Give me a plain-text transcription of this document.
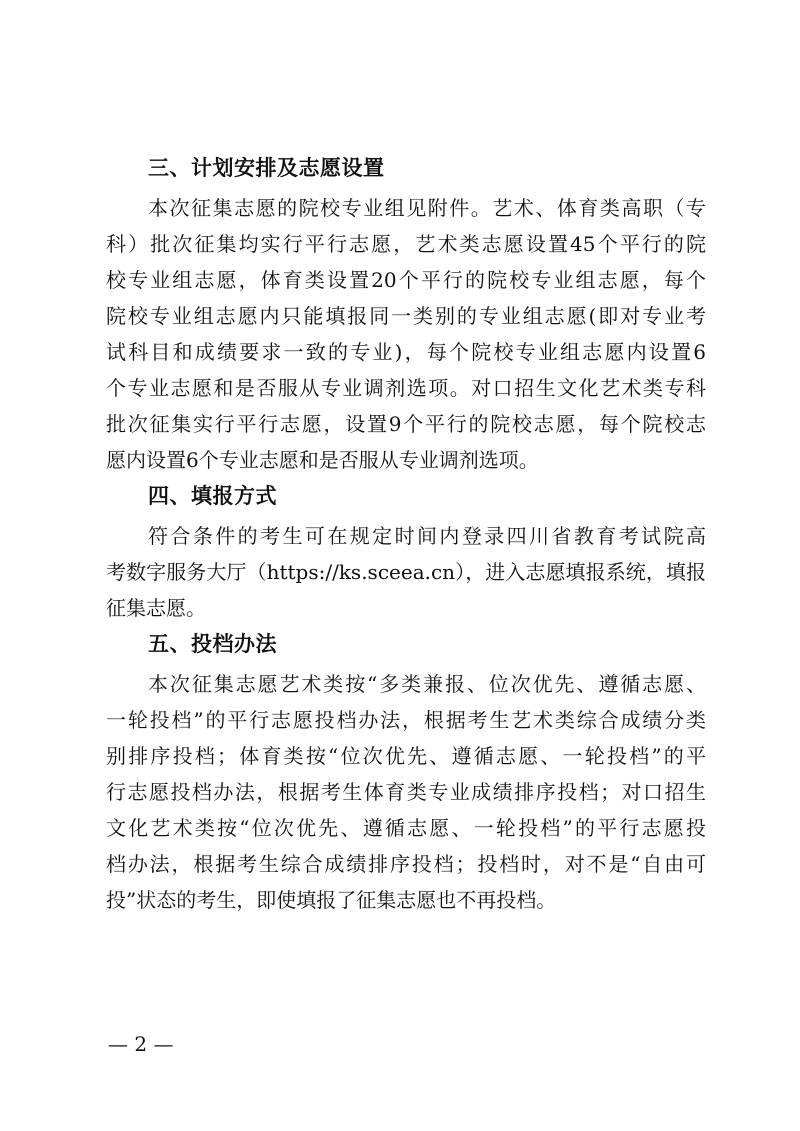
三、计划安排及志愿设置
本次征集志愿的院校专业组见附件。艺术、体育类高职（专
科）批次征集均实行平行志愿，艺术类志愿设置45个平行的院
校专业组志愿，体育类设置20个平行的院校专业组志愿，每个
院校专业组志愿内只能填报同一类别的专业组志愿(即对专业考
试科目和成绩要求一致的专业)，每个院校专业组志愿内设置6
个专业志愿和是否服从专业调剂选项。对口招生文化艺术类专科
批次征集实行平行志愿，设置9个平行的院校志愿，每个院校志
愿内设置6个专业志愿和是否服从专业调剂选项。
四、填报方式
符合条件的考生可在规定时间内登录四川省教育考试院高
考数字服务大厅（https://ks.sceea.cn），进入志愿填报系统，填报
征集志愿。
五、投档办法
本次征集志愿艺术类按“多类兼报、位次优先、遵循志愿、
一轮投档”的平行志愿投档办法，根据考生艺术类综合成绩分类
别排序投档；体育类按“位次优先、遵循志愿、一轮投档”的平
行志愿投档办法，根据考生体育类专业成绩排序投档；对口招生
文化艺术类按“位次优先、遵循志愿、一轮投档”的平行志愿投
档办法，根据考生综合成绩排序投档；投档时，对不是“自由可
投”状态的考生，即使填报了征集志愿也不再投档。
— 2 —
